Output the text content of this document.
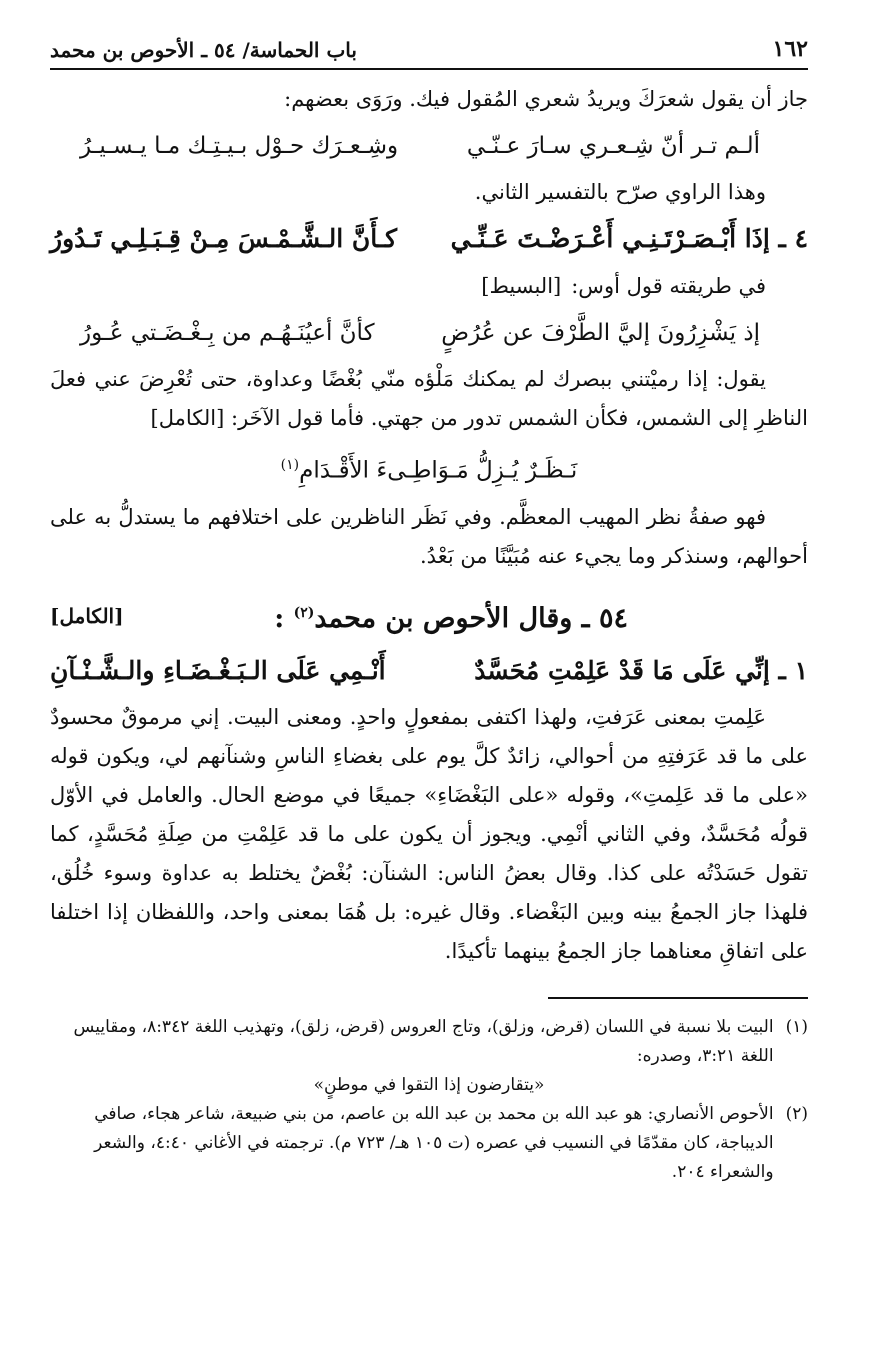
١٦٢
باب الحماسة/ ٥٤ ـ الأحوص بن محمد

جاز أن يقول شعرَكَ ويريدُ شعري المُقول فيك. ورَوَى بعضهم:

ألـم تـر أنّ شِـعـري سـارَ عـنّـي
وشِـعـرَك حـوْل بـيـتِـك مـا يـسـيـرُ

وهذا الراوي صرّح بالتفسير الثاني.

٤ ـ إذَا أَبْـصَـرْتَـنِـي أَعْـرَضْـتَ عَـنِّـي
كـأَنَّ الـشَّـمْـسَ مِـنْ قِـبَـلِـي تَـدُورُ
في طريقته قول أوس:
[البسيط]
إذ يَشْزِرُونَ إليَّ الطَّرْفَ عن عُرُضٍ
كأنَّ أعيُنَـهُـم من بِـغْـضَـتي عُـورُ

يقول: إذا رميْتني ببصرك لم يمكنك مَلْؤه منّي بُغْضًا وعداوة، حتى تُعْرِضَ عني فعلَ الناظرِ إلى الشمس، فكأن الشمس تدور من جهتي. فأما قول الآخَر: [الكامل]

نَـظَـرٌ يُـزِلُّ مَـوَاطِـىءَ الأَقْـدَامِ$^{(١)}$

فهو صفةُ نظر المهيب المعظَّم. وفي نَظَر الناظرين على اختلافهم ما يستدلُّ به على أحوالهم، وسنذكر وما يجيء عنه مُبَيَّنًا من بَعْدُ.

٥٤ ـ وقال الأحوص بن محمد$^{(٢)}$ :
[الكامل]
١ ـ إنِّي عَلَى مَا قَدْ عَلِمْتِ مُحَسَّدٌ
أَنْـمِي عَلَى الـبَـغْـضَـاءِ والـشَّـنْـآنِ

عَلِمتِ بمعنى عَرَفتِ، ولهذا اكتفى بمفعولٍ واحدٍ. ومعنى البيت. إني مرموقٌ محسودٌ على ما قد عَرَفتِهِ من أحوالي، زائدٌ كلَّ يوم على بغضاءِ الناسِ وشنآنهم لي، ويكون قوله «على ما قد عَلِمتِ»، وقوله «على البَغْضَاءِ» جميعًا في موضع الحال. والعامل في الأوّل قولُه مُحَسَّدٌ، وفي الثاني أنْمِي. ويجوز أن يكون على ما قد عَلِمْتِ من صِلَةِ مُحَسَّدٍ، كما تقول حَسَدْتُه على كذا. وقال بعضُ الناس: الشنآن: بُغْضٌ يختلط به عداوة وسوء خُلُق، فلهذا جاز الجمعُ بينه وبين البَغْضاء. وقال غيره: بل هُمَا بمعنى واحد، واللفظان إذا اختلفا على اتفاقِ معناهما جاز الجمعُ بينهما تأكيدًا.

(١)
البيت بلا نسبة في اللسان (قرض، وزلق)، وتاج العروس (قرض، زلق)، وتهذيب اللغة ٨:٣٤٢، ومقاييس اللغة ٣:٢١، وصدره:
«يتقارضون إذا التقوا في موطنٍ»
(٢)
الأحوص الأنصاري: هو عبد الله بن محمد بن عبد الله بن عاصم، من بني ضبيعة، شاعر هجاء، صافي الديباجة، كان مقدّمًا في النسيب في عصره (ت ١٠٥ هـ/ ٧٢٣ م). ترجمته في الأغاني ٤:٤٠، والشعر والشعراء ٢٠٤.
